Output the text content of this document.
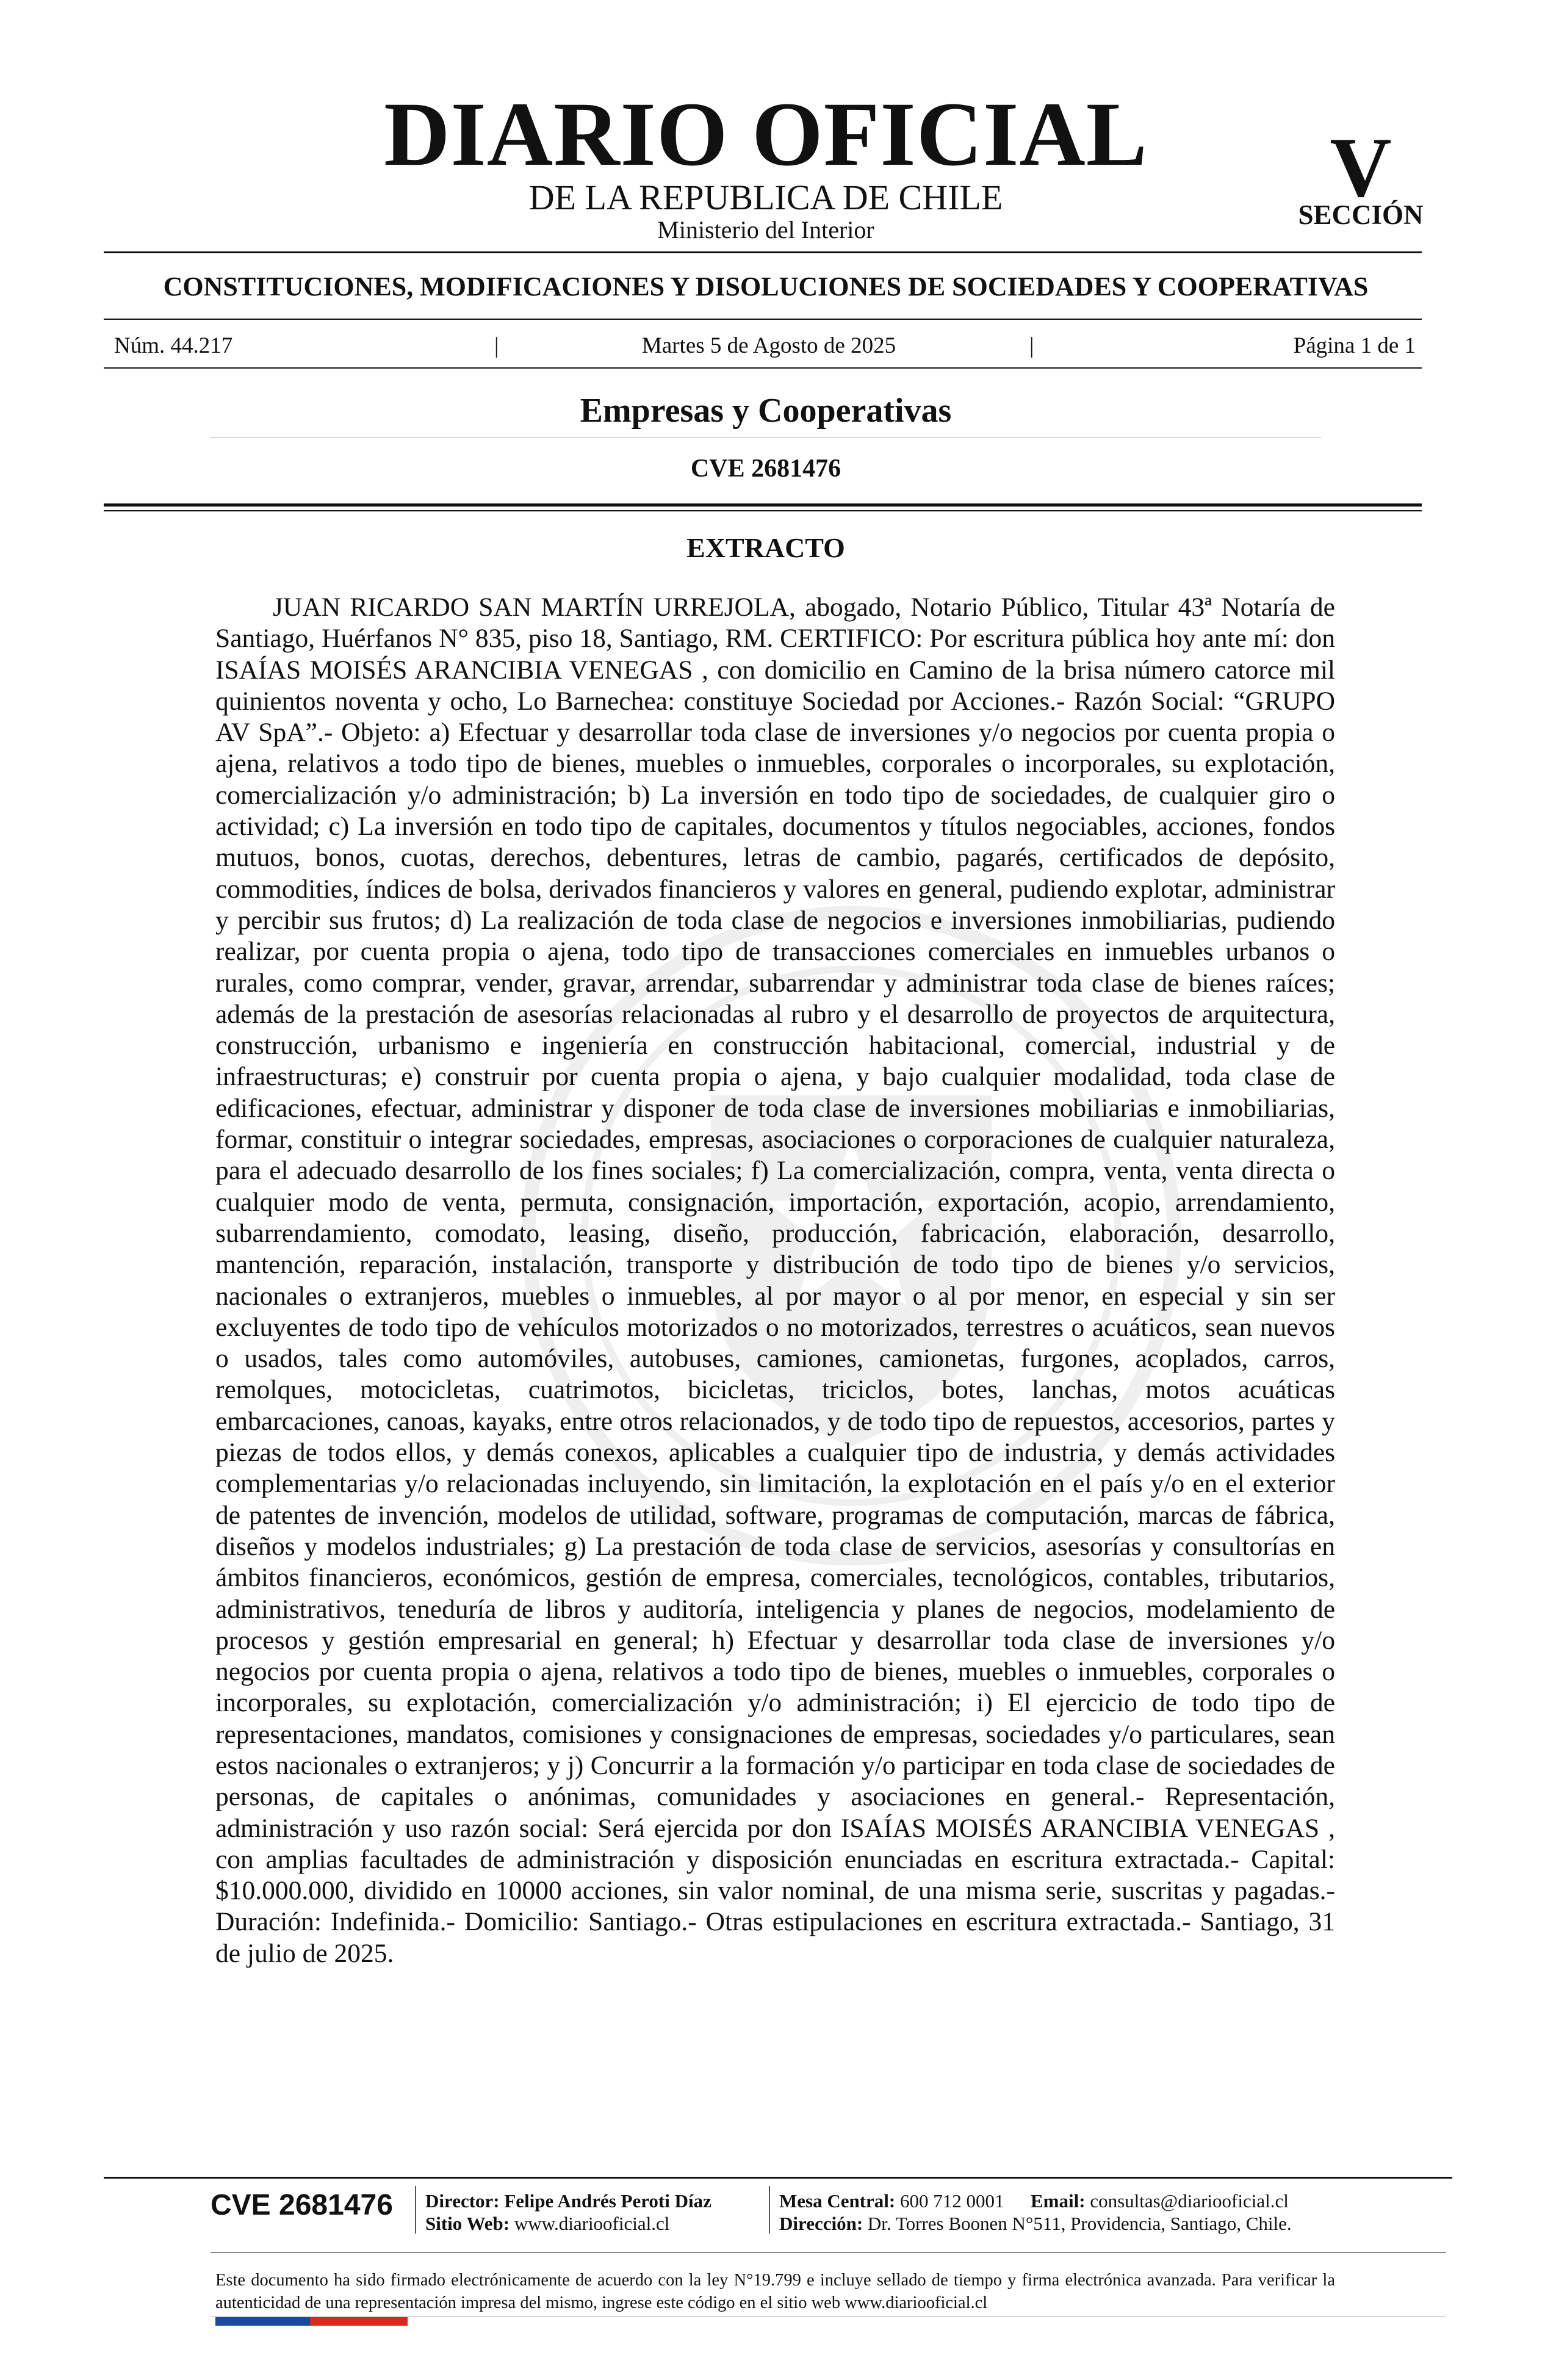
DIARIO OFICIAL
DE LA REPUBLICA DE CHILE
Ministerio del Interior
V
SECCIÓN
CONSTITUCIONES, MODIFICACIONES Y DISOLUCIONES DE SOCIEDADES Y COOPERATIVAS
Núm. 44.217	|	Martes 5 de Agosto de 2025	|	Página 1 de 1
Empresas y Cooperativas
CVE 2681476
EXTRACTO
JUAN RICARDO SAN MARTÍN URREJOLA, abogado, Notario Público, Titular 43ª Notaría de Santiago, Huérfanos N° 835, piso 18, Santiago, RM. CERTIFICO: Por escritura pública hoy ante mí: don ISAÍAS MOISÉS ARANCIBIA VENEGAS , con domicilio en Camino de la brisa número catorce mil quinientos noventa y ocho, Lo Barnechea: constituye Sociedad por Acciones.- Razón Social: “GRUPO AV SpA”.- Objeto: a) Efectuar y desarrollar toda clase de inversiones y/o negocios por cuenta propia o ajena, relativos a todo tipo de bienes, muebles o inmuebles, corporales o incorporales, su explotación, comercialización y/o administración; b) La inversión en todo tipo de sociedades, de cualquier giro o actividad; c) La inversión en todo tipo de capitales, documentos y títulos negociables, acciones, fondos mutuos, bonos, cuotas, derechos, debentures, letras de cambio, pagarés, certificados de depósito, commodities, índices de bolsa, derivados financieros y valores en general, pudiendo explotar, administrar y percibir sus frutos; d) La realización de toda clase de negocios e inversiones inmobiliarias, pudiendo realizar, por cuenta propia o ajena, todo tipo de transacciones comerciales en inmuebles urbanos o rurales, como comprar, vender, gravar, arrendar, subarrendar y administrar toda clase de bienes raíces; además de la prestación de asesorías relacionadas al rubro y el desarrollo de proyectos de arquitectura, construcción, urbanismo e ingeniería en construcción habitacional, comercial, industrial y de infraestructuras; e) construir por cuenta propia o ajena, y bajo cualquier modalidad, toda clase de edificaciones, efectuar, administrar y disponer de toda clase de inversiones mobiliarias e inmobiliarias, formar, constituir o integrar sociedades, empresas, asociaciones o corporaciones de cualquier naturaleza, para el adecuado desarrollo de los fines sociales; f) La comercialización, compra, venta, venta directa o cualquier modo de venta, permuta, consignación, importación, exportación, acopio, arrendamiento, subarrendamiento, comodato, leasing, diseño, producción, fabricación, elaboración, desarrollo, mantención, reparación, instalación, transporte y distribución de todo tipo de bienes y/o servicios, nacionales o extranjeros, muebles o inmuebles, al por mayor o al por menor, en especial y sin ser excluyentes de todo tipo de vehículos motorizados o no motorizados, terrestres o acuáticos, sean nuevos o usados, tales como automóviles, autobuses, camiones, camionetas, furgones, acoplados, carros, remolques, motocicletas, cuatrimotos, bicicletas, triciclos, botes, lanchas, motos acuáticas embarcaciones, canoas, kayaks, entre otros relacionados, y de todo tipo de repuestos, accesorios, partes y piezas de todos ellos, y demás conexos, aplicables a cualquier tipo de industria, y demás actividades complementarias y/o relacionadas incluyendo, sin limitación, la explotación en el país y/o en el exterior de patentes de invención, modelos de utilidad, software, programas de computación, marcas de fábrica, diseños y modelos industriales; g) La prestación de toda clase de servicios, asesorías y consultorías en ámbitos financieros, económicos, gestión de empresa, comerciales, tecnológicos, contables, tributarios, administrativos, teneduría de libros y auditoría, inteligencia y planes de negocios, modelamiento de procesos y gestión empresarial en general; h) Efectuar y desarrollar toda clase de inversiones y/o negocios por cuenta propia o ajena, relativos a todo tipo de bienes, muebles o inmuebles, corporales o incorporales, su explotación, comercialización y/o administración; i) El ejercicio de todo tipo de representaciones, mandatos, comisiones y consignaciones de empresas, sociedades y/o particulares, sean estos nacionales o extranjeros; y j) Concurrir a la formación y/o participar en toda clase de sociedades de personas, de capitales o anónimas, comunidades y asociaciones en general.- Representación, administración y uso razón social: Será ejercida por don ISAÍAS MOISÉS ARANCIBIA VENEGAS , con amplias facultades de administración y disposición enunciadas en escritura extractada.- Capital: $10.000.000, dividido en 10000 acciones, sin valor nominal, de una misma serie, suscritas y pagadas.- Duración: Indefinida.- Domicilio: Santiago.- Otras estipulaciones en escritura extractada.- Santiago, 31 de julio de 2025.
CVE 2681476	Director: Felipe Andrés Peroti Díaz
Sitio Web: www.diariooficial.cl
Mesa Central: 600 712 0001 Email: consultas@diariooficial.cl
Dirección: Dr. Torres Boonen N°511, Providencia, Santiago, Chile.
Este documento ha sido firmado electrónicamente de acuerdo con la ley N°19.799 e incluye sellado de tiempo y firma electrónica avanzada. Para verificar la autenticidad de una representación impresa del mismo, ingrese este código en el sitio web www.diariooficial.cl
